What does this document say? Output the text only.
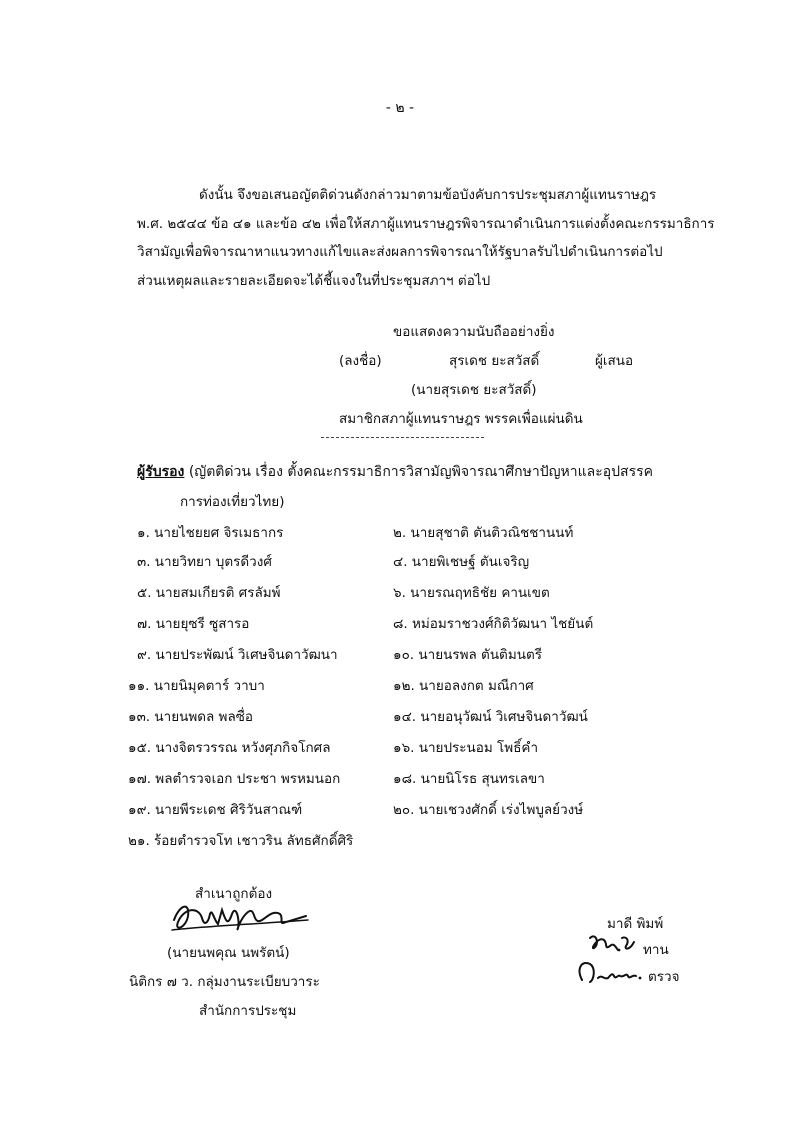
- ๒ -
ดังนั้น จึงขอเสนอญัตติด่วนดังกล่าวมาตามข้อบังคับการประชุมสภาผู้แทนราษฎร
พ.ศ. ๒๕๔๔ ข้อ ๔๑ และข้อ ๔๒ เพื่อให้สภาผู้แทนราษฎรพิจารณาดำเนินการแต่งตั้งคณะกรรมาธิการ
วิสามัญเพื่อพิจารณาหาแนวทางแก้ไขและส่งผลการพิจารณาให้รัฐบาลรับไปดำเนินการต่อไป
ส่วนเหตุผลและรายละเอียดจะได้ชี้แจงในที่ประชุมสภาฯ ต่อไป
ขอแสดงความนับถืออย่างยิ่ง
(ลงชื่อ)	สุรเดช ยะสวัสดิ์	ผู้เสนอ
(นายสุรเดช ยะสวัสดิ์)
สมาชิกสภาผู้แทนราษฎร พรรคเพื่อแผ่นดิน
ผู้รับรอง (ญัตติด่วน เรื่อง ตั้งคณะกรรมาธิการวิสามัญพิจารณาศึกษาปัญหาและอุปสรรค
การท่องเที่ยวไทย)
๑. นายไชยยศ จิรเมธากร	๒. นายสุชาติ ตันติวณิชชานนท์
๓. นายวิทยา บุตรดีวงศ์	๔. นายพิเชษฐ์ ตันเจริญ
๕. นายสมเกียรติ ศรลัมพ์	๖. นายรณฤทธิชัย คานเขต
๗. นายยุซรี ซูสารอ	๘. หม่อมราชวงศ์กิติวัฒนา ไชยันต์
๙. นายประพัฒน์ วิเศษจินดาวัฒนา	๑๐. นายนรพล ตันติมนตรี
๑๑. นายนิมุคตาร์ วาบา	๑๒. นายอลงกต มณีกาศ
๑๓. นายนพดล พลซื่อ	๑๔. นายอนุวัฒน์ วิเศษจินดาวัฒน์
๑๕. นางจิตรวรรณ หวังศุภกิจโกศล	๑๖. นายประนอม โพธิ์คำ
๑๗. พลตำรวจเอก ประชา พรหมนอก	๑๘. นายนิโรธ สุนทรเลขา
๑๙. นายพีระเดช ศิริวันสาณฑ์	๒๐. นายเชวงศักดิ์ เร่งไพบูลย์วงษ์
๒๑. ร้อยตำรวจโท เชาวริน ลัทธศักดิ์ศิริ
สำเนาถูกต้อง
(นายนพคุณ นพรัตน์)
นิติกร ๗ ว. กลุ่มงานระเบียบวาระ
สำนักการประชุม
มาดี พิมพ์
ทาน
ตรวจ
